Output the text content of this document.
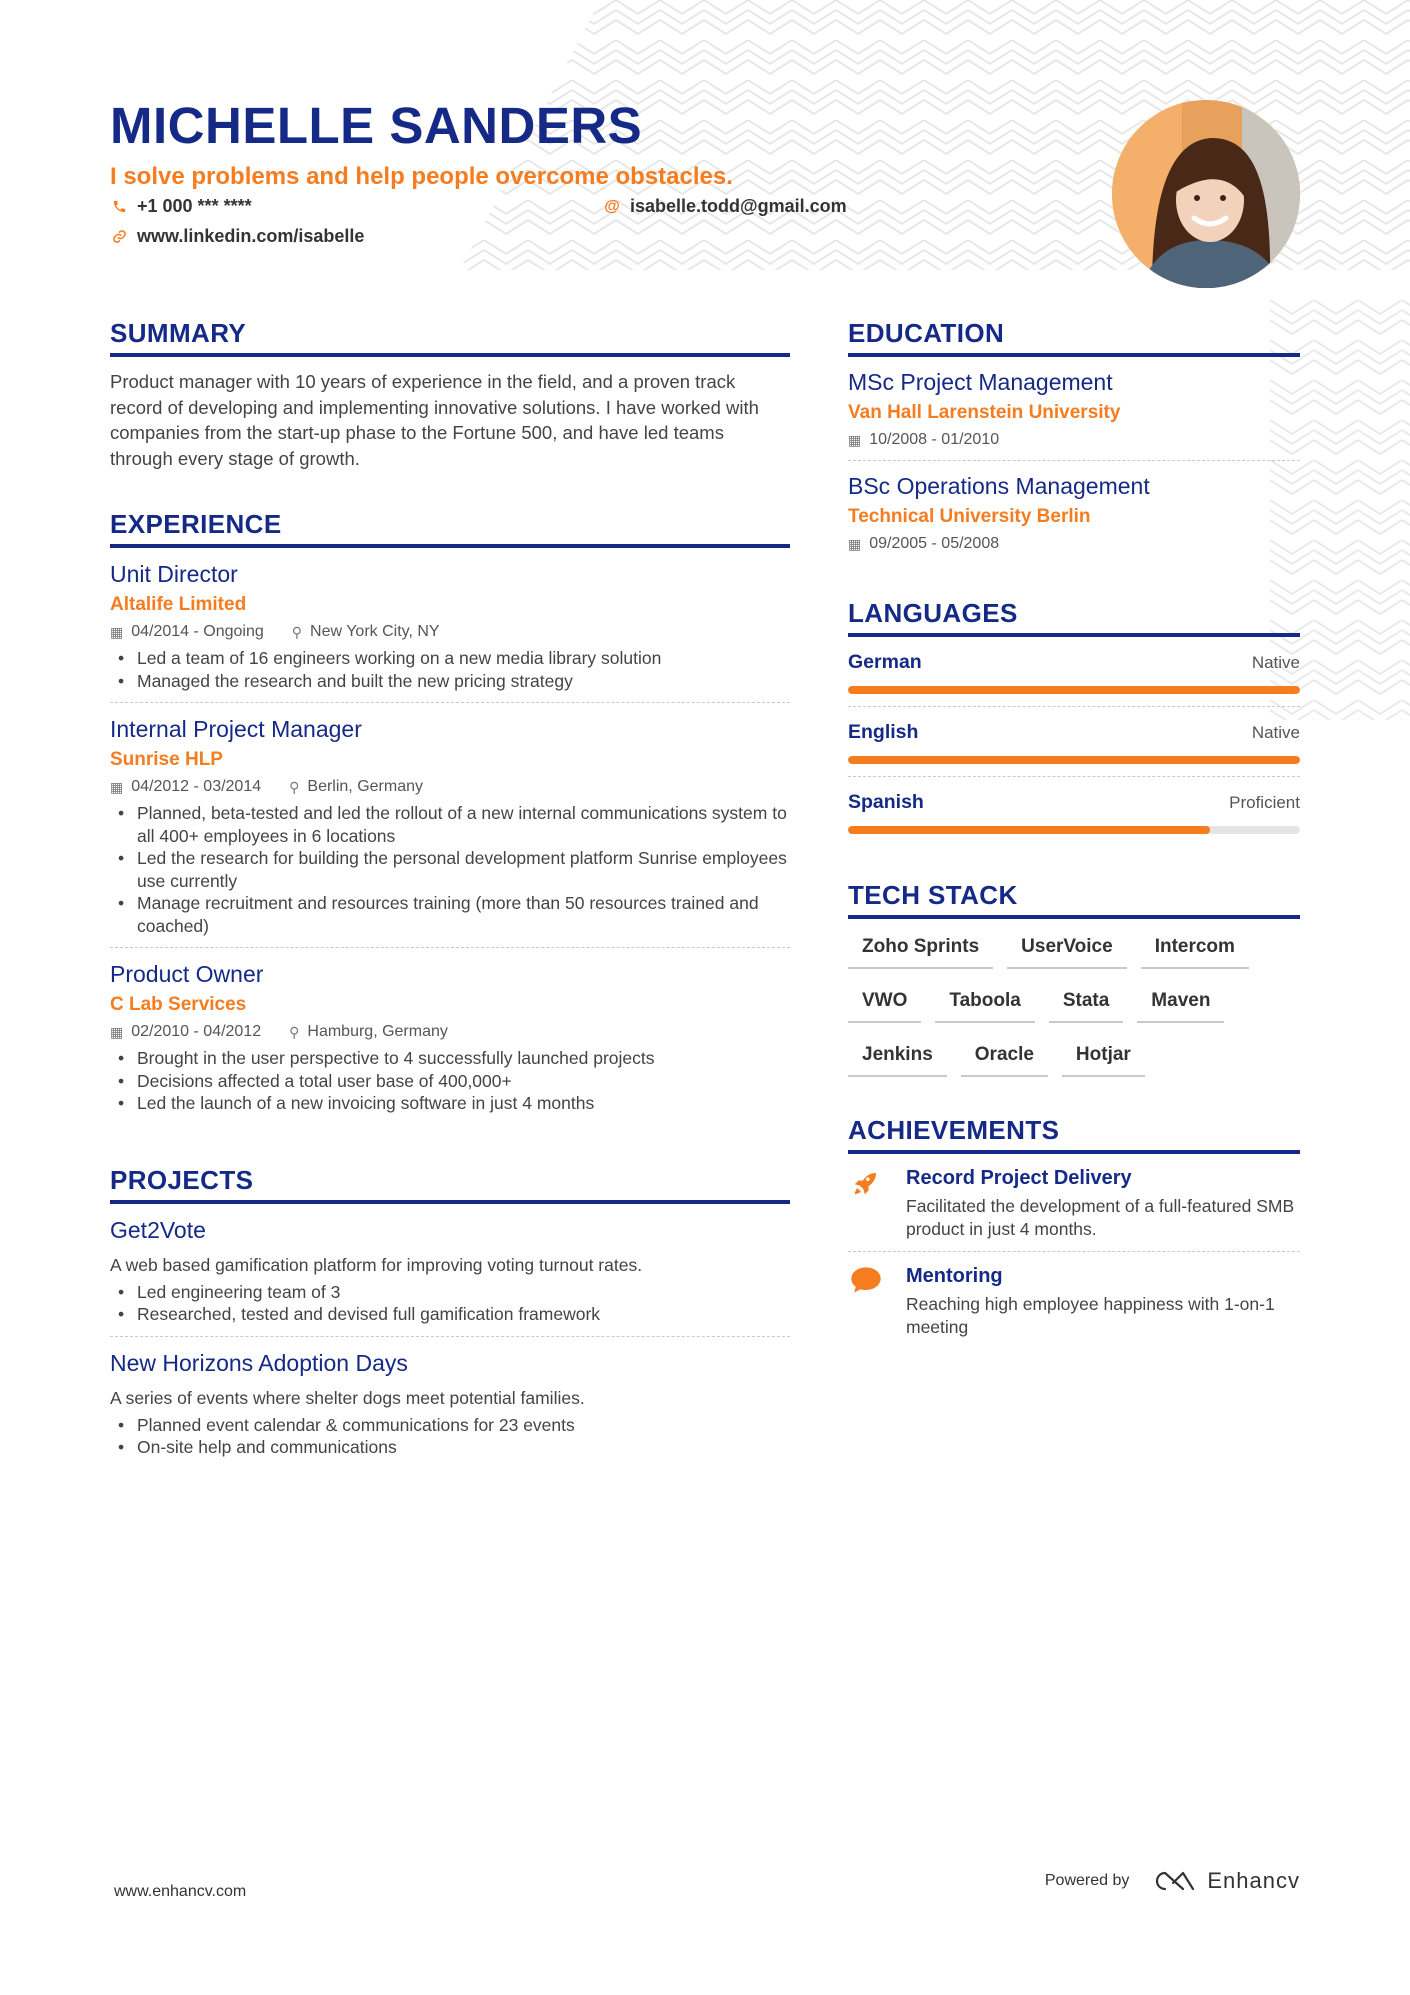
MICHELLE SANDERS
I solve problems and help people overcome obstacles.
+1 000 *** ****	@ isabelle.todd@gmail.com
www.linkedin.com/isabelle
SUMMARY

Product manager with 10 years of experience in the field, and a proven track record of developing and implementing innovative solutions. I have worked with companies from the start-up phase to the Fortune 500, and have led teams through every stage of growth.

EXPERIENCE
Unit Director
Altalife Limited
▦ 04/2014 - Ongoing ⚲ New York City, NY
• Led a team of 16 engineers working on a new media library solution
• Managed the research and built the new pricing strategy
Internal Project Manager
Sunrise HLP
▦ 04/2012 - 03/2014 ⚲ Berlin, Germany
• Planned, beta-tested and led the rollout of a new internal communications system to all 400+ employees in 6 locations
• Led the research for building the personal development platform Sunrise employees use currently
• Manage recruitment and resources training (more than 50 resources trained and coached)
Product Owner
C Lab Services
▦ 02/2010 - 04/2012 ⚲ Hamburg, Germany
• Brought in the user perspective to 4 successfully launched projects
• Decisions affected a total user base of 400,000+
• Led the launch of a new invoicing software in just 4 months
PROJECTS
Get2Vote

A web based gamification platform for improving voting turnout rates.

• Led engineering team of 3
• Researched, tested and devised full gamification framework
New Horizons Adoption Days

A series of events where shelter dogs meet potential families.

• Planned event calendar & communications for 23 events
• On-site help and communications
EDUCATION
MSc Project Management
Van Hall Larenstein University
▦ 10/2008 - 01/2010
BSc Operations Management
Technical University Berlin
▦ 09/2005 - 05/2008
LANGUAGES
German	Native
English	Native
Spanish	Proficient
TECH STACK
Zoho Sprints	UserVoice	Intercom
VWO	Taboola	Stata	Maven
Jenkins	Oracle	Hotjar
ACHIEVEMENTS
Record Project Delivery
Facilitated the development of a full-featured SMB product in just 4 months.
Mentoring
Reaching high employee happiness with 1-on-1 meeting
www.enhancv.com
Powered by	Enhancv
